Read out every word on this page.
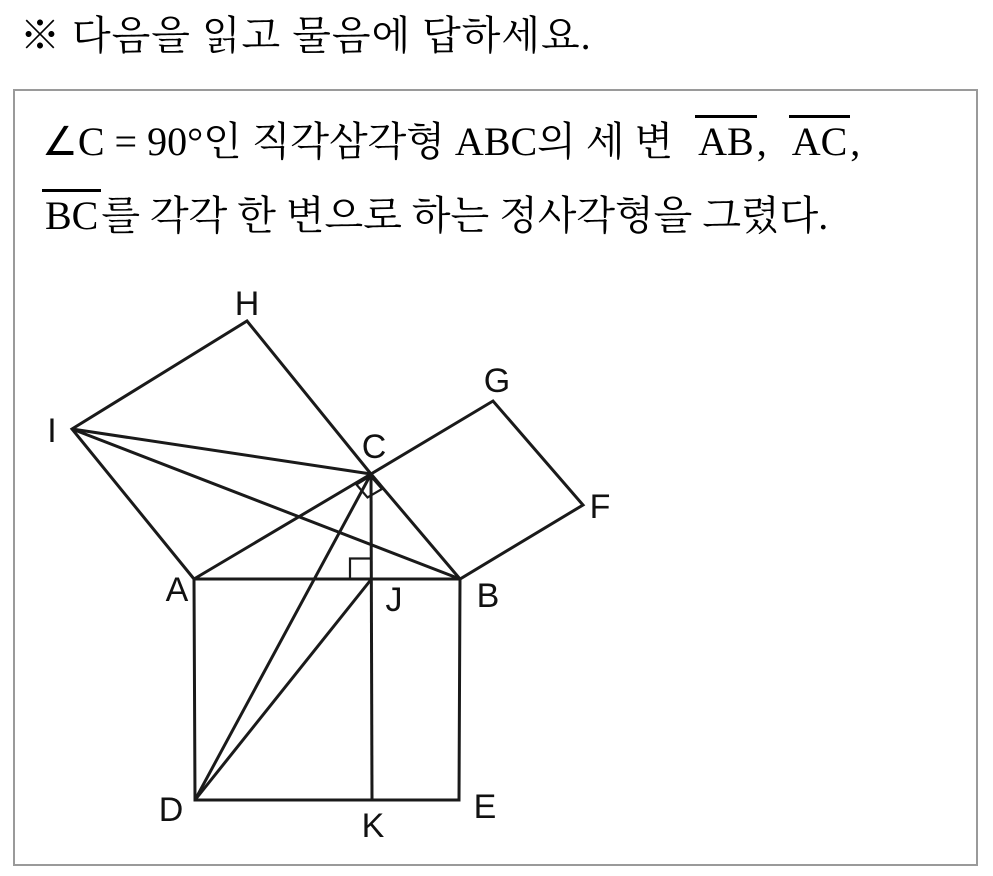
※ 다음을 읽고 물음에 답하세요.
∠C = 90°인 직각삼각형 ABC의 세 변 AB, AC,
BC를 각각 한 변으로 하는 정사각형을 그렸다.
H
G
I	C
F
A	B
J
D	E
K
